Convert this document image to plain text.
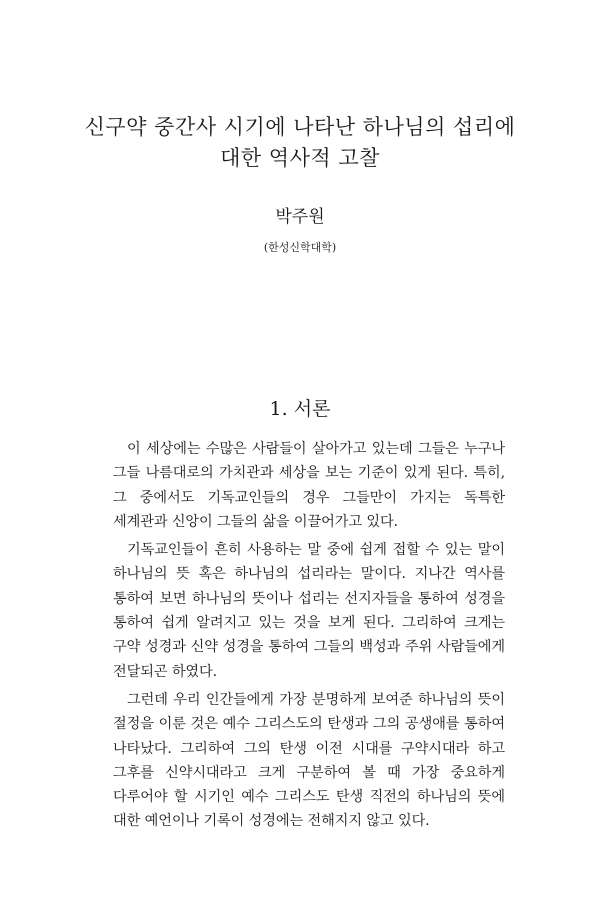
신구약 중간사 시기에 나타난 하나님의 섭리에
대한 역사적 고찰

박주원

(한성신학대학)

1. 서론

이 세상에는 수많은 사람들이 살아가고 있는데 그들은 누구나 그들 나름대로의 가치관과 세상을 보는 기준이 있게 된다. 특히, 그 중에서도 기독교인들의 경우 그들만이 가지는 독특한 세계관과 신앙이 그들의 삶을 이끌어가고 있다.

기독교인들이 흔히 사용하는 말 중에 쉽게 접할 수 있는 말이 하나님의 뜻 혹은 하나님의 섭리라는 말이다. 지나간 역사를 통하여 보면 하나님의 뜻이나 섭리는 선지자들을 통하여 성경을 통하여 쉽게 알려지고 있는 것을 보게 된다. 그리하여 크게는 구약 성경과 신약 성경을 통하여 그들의 백성과 주위 사람들에게 전달되곤 하였다.

그런데 우리 인간들에게 가장 분명하게 보여준 하나님의 뜻이 절정을 이룬 것은 예수 그리스도의 탄생과 그의 공생애를 통하여 나타났다. 그리하여 그의 탄생 이전 시대를 구약시대라 하고 그후를 신약시대라고 크게 구분하여 볼 때 가장 중요하게 다루어야 할 시기인 예수 그리스도 탄생 직전의 하나님의 뜻에 대한 예언이나 기록이 성경에는 전해지지 않고 있다.
